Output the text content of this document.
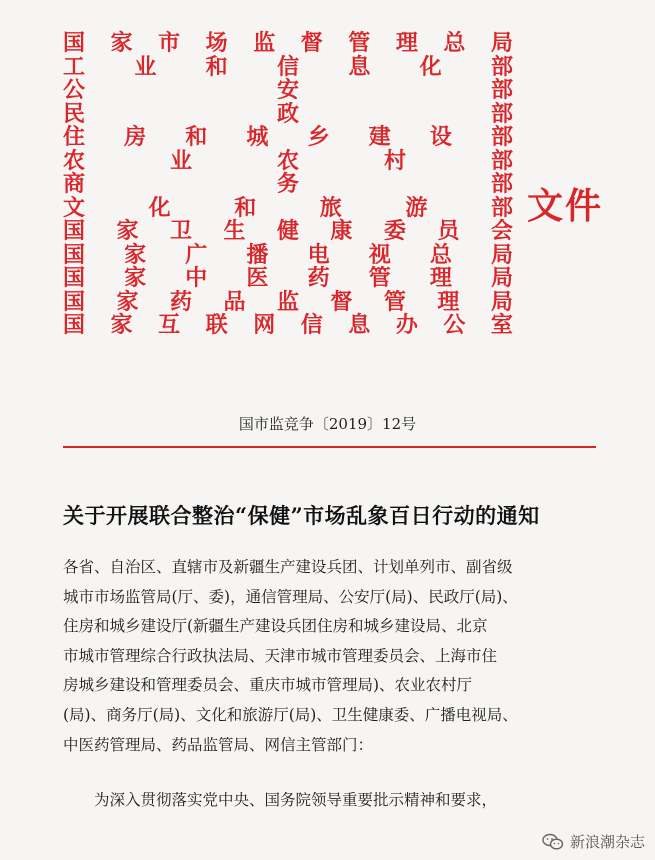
国 家 市 场 监 督 管 理 总 局
工 业 和 信 息 化 部
公	安	部
民	政	部
住 房 和 城 乡 建 设 部
农	业	农	村	部
商	务	部
文	化	和	旅	游	部
国 家 卫 生 健 康 委 员 会
国 家 广 播 电 视 总 局
国 家 中 医 药 管 理 局
国 家 药 品 监 督 管 理 局
国 家 互 联 网 信 息 办 公 室
文件
国市监竞争〔2019〕12号
关于开展联合整治“保健”市场乱象百日行动的通知
各省、自治区、直辖市及新疆生产建设兵团、计划单列市、副省级
城市市场监管局(厅、委)，通信管理局、公安厅(局)、民政厅(局)、
住房和城乡建设厅(新疆生产建设兵团住房和城乡建设局、北京
市城市管理综合行政执法局、天津市城市管理委员会、上海市住
房城乡建设和管理委员会、重庆市城市管理局)、农业农村厅
(局)、商务厅(局)、文化和旅游厅(局)、卫生健康委、广播电视局、
中医药管理局、药品监管局、网信主管部门：
为深入贯彻落实党中央、国务院领导重要批示精神和要求，
新浪潮杂志
